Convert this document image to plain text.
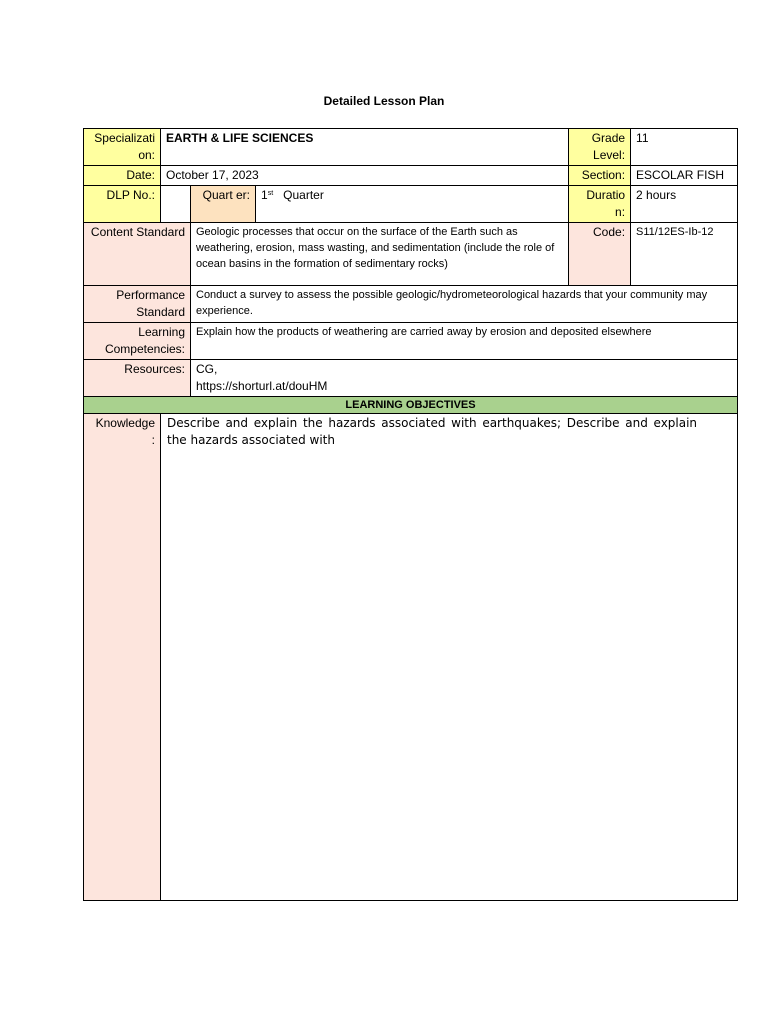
Detailed Lesson Plan
Specializati on:	EARTH & LIFE SCIENCES			Grade Level:	11
Date:	October 17, 2023			Section:	ESCOLAR FISH
DLP No.:		Quart er:	1st Quarter	Duratio n:	2 hours
Content Standard		Geologic processes that occur on the surface of the Earth such as weathering, erosion, mass wasting, and sedimentation (include the role of ocean basins in the formation of sedimentary rocks)		Code:	S11/12ES-Ib-12
Performance Standard		Conduct a survey to assess the possible geologic/hydrometeorological hazards that your community may experience.			
Learning Competencies:		Explain how the products of weathering are carried away by erosion and deposited elsewhere			
Resources:		CG,
https://shorturl.at/douHM			
LEARNING OBJECTIVES					
Knowledge :	Describe and explain the hazards associated with earthquakes; Describe and explain the hazards associated with				
